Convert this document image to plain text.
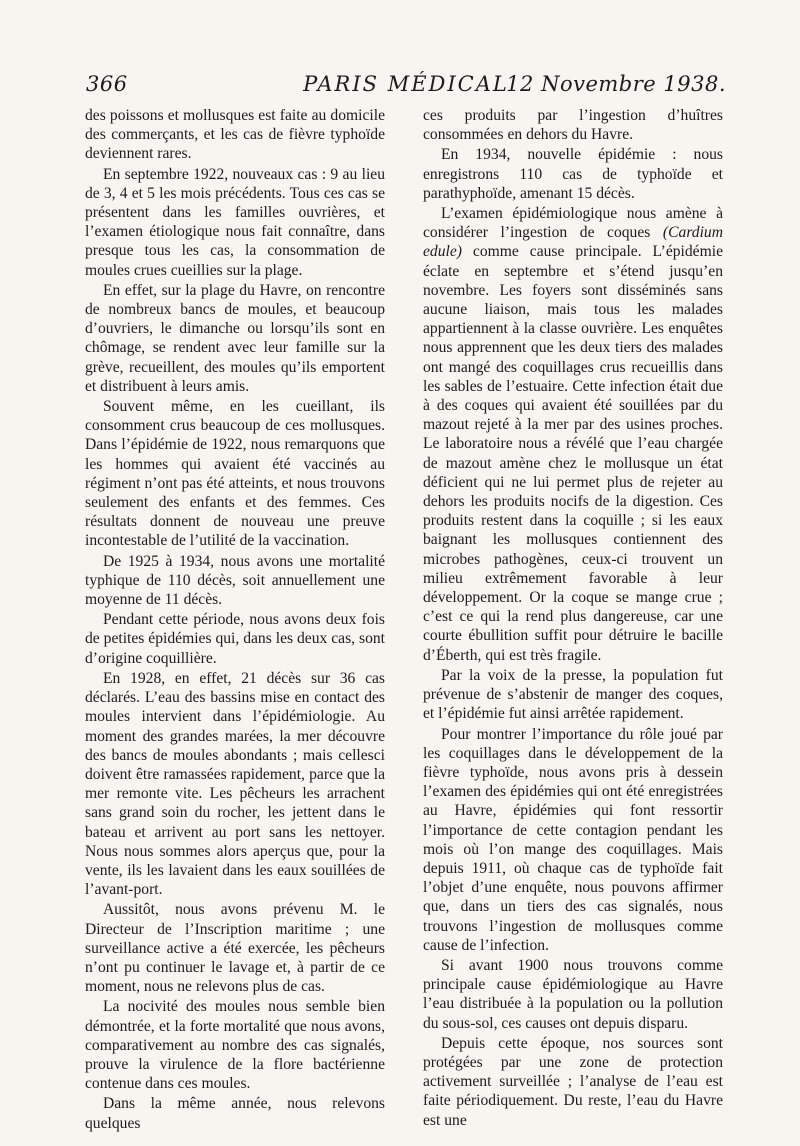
366	PARIS MÉDICAL
12 Novembre 1938.

des poissons et mollusques est faite au domicile des commerçants, et les cas de fièvre typhoïde deviennent rares.

En septembre 1922, nouveaux cas : 9 au lieu de 3, 4 et 5 les mois précédents. Tous ces cas se présentent dans les familles ouvrières, et l’examen étiologique nous fait connaître, dans presque tous les cas, la consommation de moules crues cueillies sur la plage.

En effet, sur la plage du Havre, on rencontre de nombreux bancs de moules, et beaucoup d’ouvriers, le dimanche ou lorsqu’ils sont en chômage, se rendent avec leur famille sur la grève, recueillent, des moules qu’ils emportent et distribuent à leurs amis.

Souvent même, en les cueillant, ils consomment crus beaucoup de ces mollusques. Dans l’épidémie de 1922, nous remarquons que les hommes qui avaient été vaccinés au régiment n’ont pas été atteints, et nous trouvons seulement des enfants et des femmes. Ces résultats donnent de nouveau une preuve incontestable de l’utilité de la vaccination.

De 1925 à 1934, nous avons une mortalité typhique de 110 décès, soit annuellement une moyenne de 11 décès.

Pendant cette période, nous avons deux fois de petites épidémies qui, dans les deux cas, sont d’origine coquillière.

En 1928, en effet, 21 décès sur 36 cas déclarés. L’eau des bassins mise en contact des moules intervient dans l’épidémiologie. Au moment des grandes marées, la mer découvre des bancs de moules abondants ; mais cellesci doivent être ramassées rapidement, parce que la mer remonte vite. Les pêcheurs les arrachent sans grand soin du rocher, les jettent dans le bateau et arrivent au port sans les nettoyer. Nous nous sommes alors aperçus que, pour la vente, ils les lavaient dans les eaux souillées de l’avant-port.

Aussitôt, nous avons prévenu M. le Directeur de l’Inscription maritime ; une surveillance active a été exercée, les pêcheurs n’ont pu continuer le lavage et, à partir de ce moment, nous ne relevons plus de cas.

La nocivité des moules nous semble bien démontrée, et la forte mortalité que nous avons, comparativement au nombre des cas signalés, prouve la virulence de la flore bactérienne contenue dans ces moules.

Dans la même année, nous relevons quelques

ces produits par l’ingestion d’huîtres consommées en dehors du Havre.

En 1934, nouvelle épidémie : nous enregistrons 110 cas de typhoïde et parathyphoïde, amenant 15 décès.

L’examen épidémiologique nous amène à considérer l’ingestion de coques (Cardium edule) comme cause principale. L’épidémie éclate en septembre et s’étend jusqu’en novembre. Les foyers sont disséminés sans aucune liaison, mais tous les malades appartiennent à la classe ouvrière. Les enquêtes nous apprennent que les deux tiers des malades ont mangé des coquillages crus recueillis dans les sables de l’estuaire. Cette infection était due à des coques qui avaient été souillées par du mazout rejeté à la mer par des usines proches. Le laboratoire nous a révélé que l’eau chargée de mazout amène chez le mollusque un état déficient qui ne lui permet plus de rejeter au dehors les produits nocifs de la digestion. Ces produits restent dans la coquille ; si les eaux baignant les mollusques contiennent des microbes pathogènes, ceux-ci trouvent un milieu extrêmement favorable à leur développement. Or la coque se mange crue ; c’est ce qui la rend plus dangereuse, car une courte ébullition suffit pour détruire le bacille d’Éberth, qui est très fragile.

Par la voix de la presse, la population fut prévenue de s’abstenir de manger des coques, et l’épidémie fut ainsi arrêtée rapidement.

Pour montrer l’importance du rôle joué par les coquillages dans le développement de la fièvre typhoïde, nous avons pris à dessein l’examen des épidémies qui ont été enregistrées au Havre, épidémies qui font ressortir l’importance de cette contagion pendant les mois où l’on mange des coquillages. Mais depuis 1911, où chaque cas de typhoïde fait l’objet d’une enquête, nous pouvons affirmer que, dans un tiers des cas signalés, nous trouvons l’ingestion de mollusques comme cause de l’infection.

Si avant 1900 nous trouvons comme principale cause épidémiologique au Havre l’eau distribuée à la population ou la pollution du sous-sol, ces causes ont depuis disparu.

Depuis cette époque, nos sources sont protégées par une zone de protection activement surveillée ; l’analyse de l’eau est faite périodiquement. Du reste, l’eau du Havre est une
